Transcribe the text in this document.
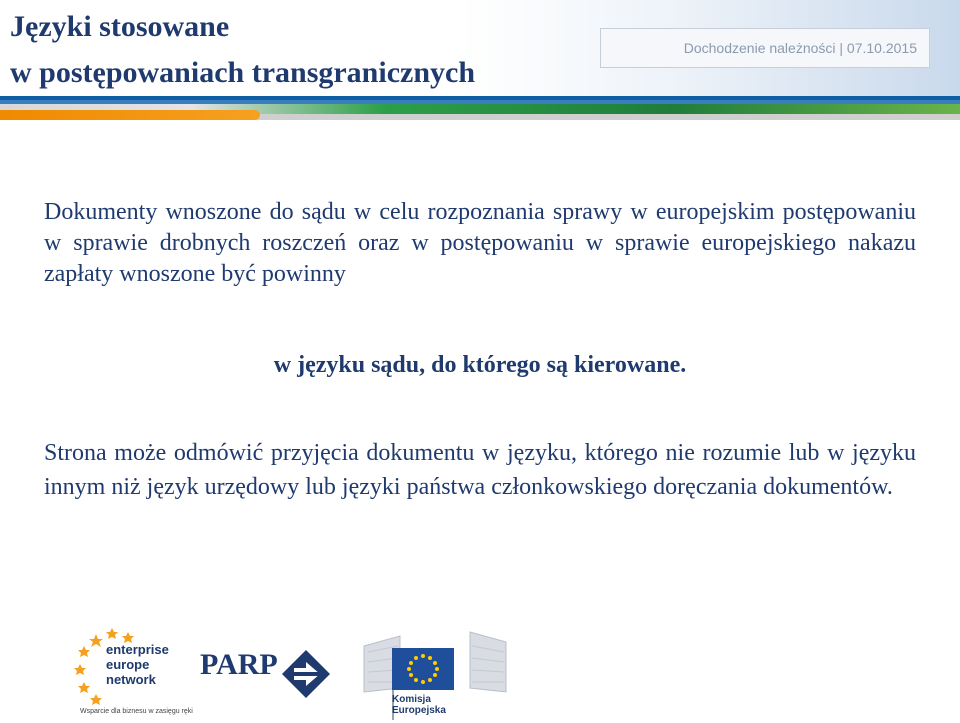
Języki stosowane
w postępowaniach transgranicznych
Dochodzenie należności | 07.10.2015
Dokumenty wnoszone do sądu w celu rozpoznania sprawy w europejskim postępowaniu w sprawie drobnych roszczeń oraz w postępowaniu w sprawie europejskiego nakazu zapłaty wnoszone być powinny
w języku sądu, do którego są kierowane.
Strona może odmówić przyjęcia dokumentu w języku, którego nie rozumie lub w języku innym niż język urzędowy lub języki państwa członkowskiego doręczania dokumentów.
enterprise
europe
network
Wsparcie dla biznesu w zasięgu ręki
PARP
Komisja
Europejska
